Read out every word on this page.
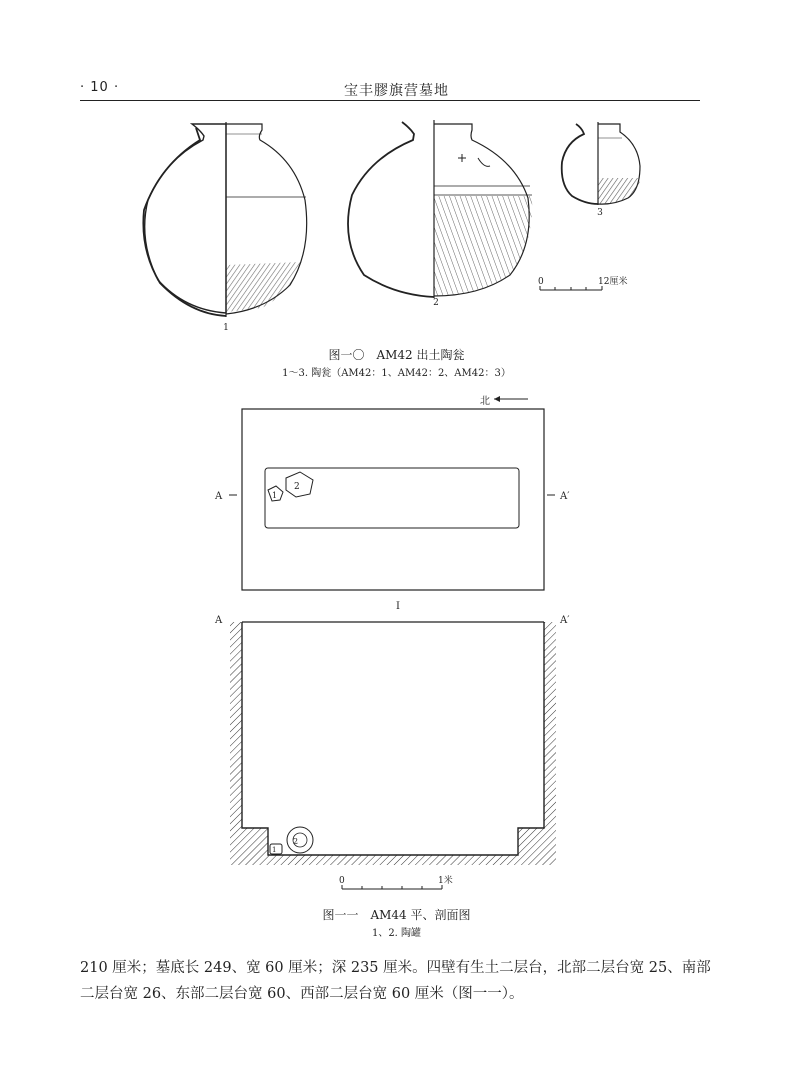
· 10 ·	宝丰膠旗营墓地
1
2
3
0	12厘米
图一〇　AM42 出土陶瓮
1～3. 陶瓮（AM42：1、AM42：2、AM42：3）
北
A	A′
2
1
I
A	A′
2
1
0	1米
图一一　AM44 平、剖面图
1、2. 陶罐
210 厘米；墓底长 249、宽 60 厘米；深 235 厘米。四壁有生土二层台，北部二层台宽 25、南部
二层台宽 26、东部二层台宽 60、西部二层台宽 60 厘米（图一一）。
